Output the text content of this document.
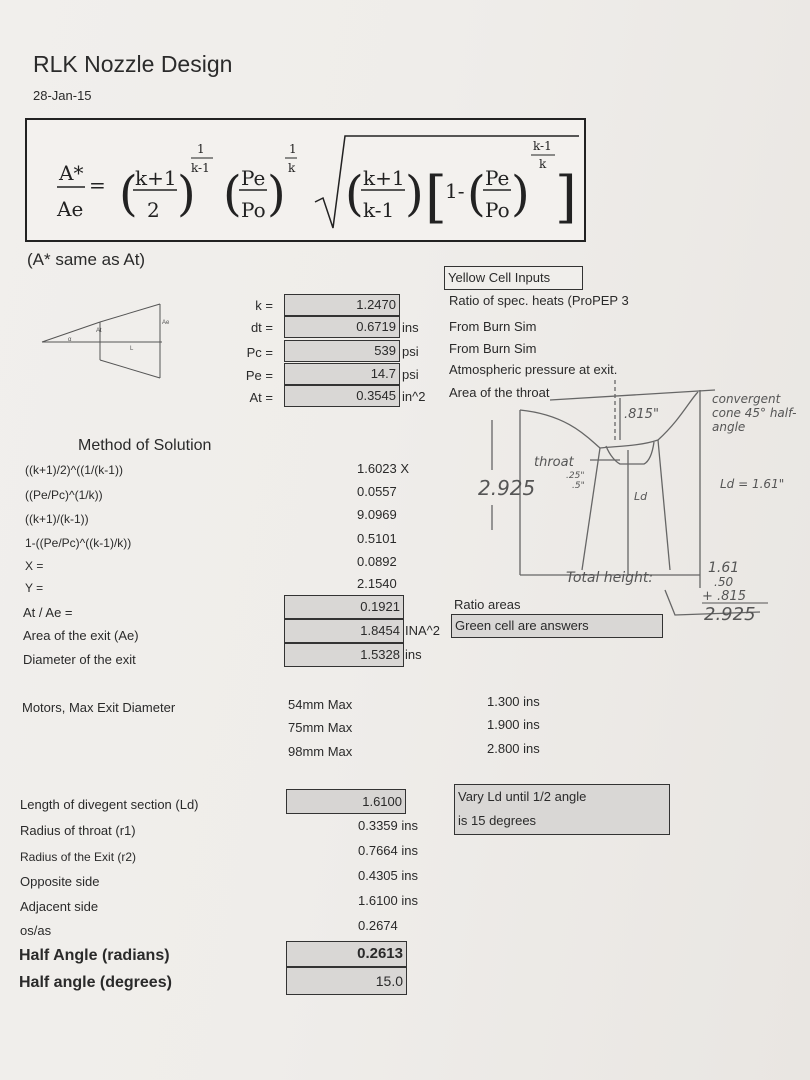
RLK Nozzle Design
28-Jan-15
A*
Ae
= (
k+1
2 )
1
k-1 ( Pe
Po )
1
k ( k+1
k-1 ) [
1- ( Pe
Po )
k-1
k
]
(A* same as At)
Yellow Cell Inputs
At
Ae
L
α
k =	1.2470	Ratio of spec. heats (ProPEP 3
dt =	0.6719 ins From Burn Sim
Pc =	539 psi From Burn Sim
Pe =	14.7 psi Atmospheric pressure at exit.
At =	0.3545 in^2 Area of the throat
Method of Solution
((k+1)/2)^((1/(k-1))	1.6023 X
((Pe/Pc)^(1/k))	0.0557
((k+1)/(k-1))	9.0969
1-((Pe/Pc)^((k-1)/k))	0.5101
X =	0.0892
Y =	2.1540
At / Ae =	0.1921	Ratio areas
Area of the exit (Ae)	1.8454 INA^2	Green cell are answers
Diameter of the exit	1.5328 ins
Motors, Max Exit Diameter	54mm Max	1.300 ins
75mm Max	1.900 ins
98mm Max	2.800 ins
Length of divegent section (Ld)	1.6100	Vary Ld until 1/2 angle
is 15 degrees
Radius of throat (r1)	0.3359 ins
Radius of the Exit (r2)	0.7664 ins
Opposite side	0.4305 ins
Adjacent side	1.6100 ins
os/as	0.2674
Half Angle (radians)	0.2613
Half angle (degrees)	15.0
.815"
throat
.25"
.5"
2.925	Ld
Ld = 1.61"
Total height:
1.61
.50
+ .815
2.925
convergent cone 45° half-angle
